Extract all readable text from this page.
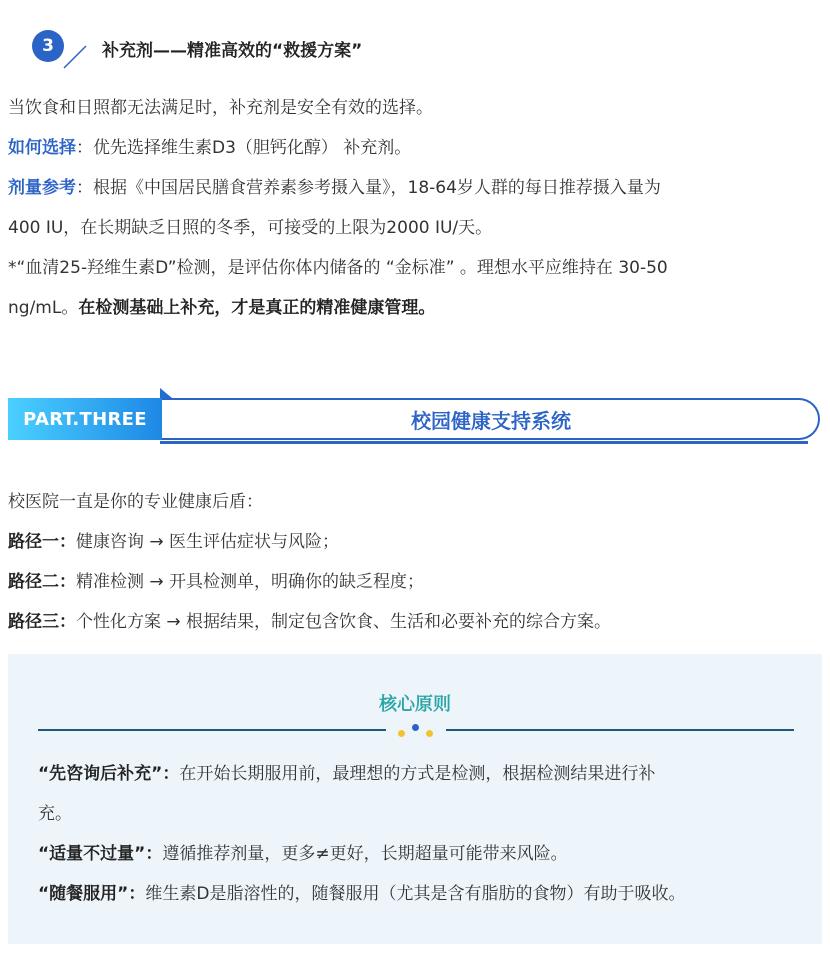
3	补充剂——精准高效的“救援方案”
当饮食和日照都无法满足时，补充剂是安全有效的选择。
如何选择：优先选择维生素D3（胆钙化醇） 补充剂。
剂量参考：根据《中国居民膳食营养素参考摄入量》，18-64岁人群的每日推荐摄入量为
400 IU，在长期缺乏日照的冬季，可接受的上限为2000 IU/天。
*“血清25-羟维生素D”检测，是评估你体内储备的 “金标准” 。理想水平应维持在 30-50
ng/mL。在检测基础上补充，才是真正的精准健康管理。
PART.THREE	校园健康支持系统
校医院一直是你的专业健康后盾：
路径一：健康咨询 → 医生评估症状与风险；
路径二：精准检测 → 开具检测单，明确你的缺乏程度；
路径三：个性化方案 → 根据结果，制定包含饮食、生活和必要补充的综合方案。
核心原则
“先咨询后补充”：在开始长期服用前，最理想的方式是检测，根据检测结果进行补
充。
“适量不过量”：遵循推荐剂量，更多≠更好，长期超量可能带来风险。
“随餐服用”：维生素D是脂溶性的，随餐服用（尤其是含有脂肪的食物）有助于吸收。
